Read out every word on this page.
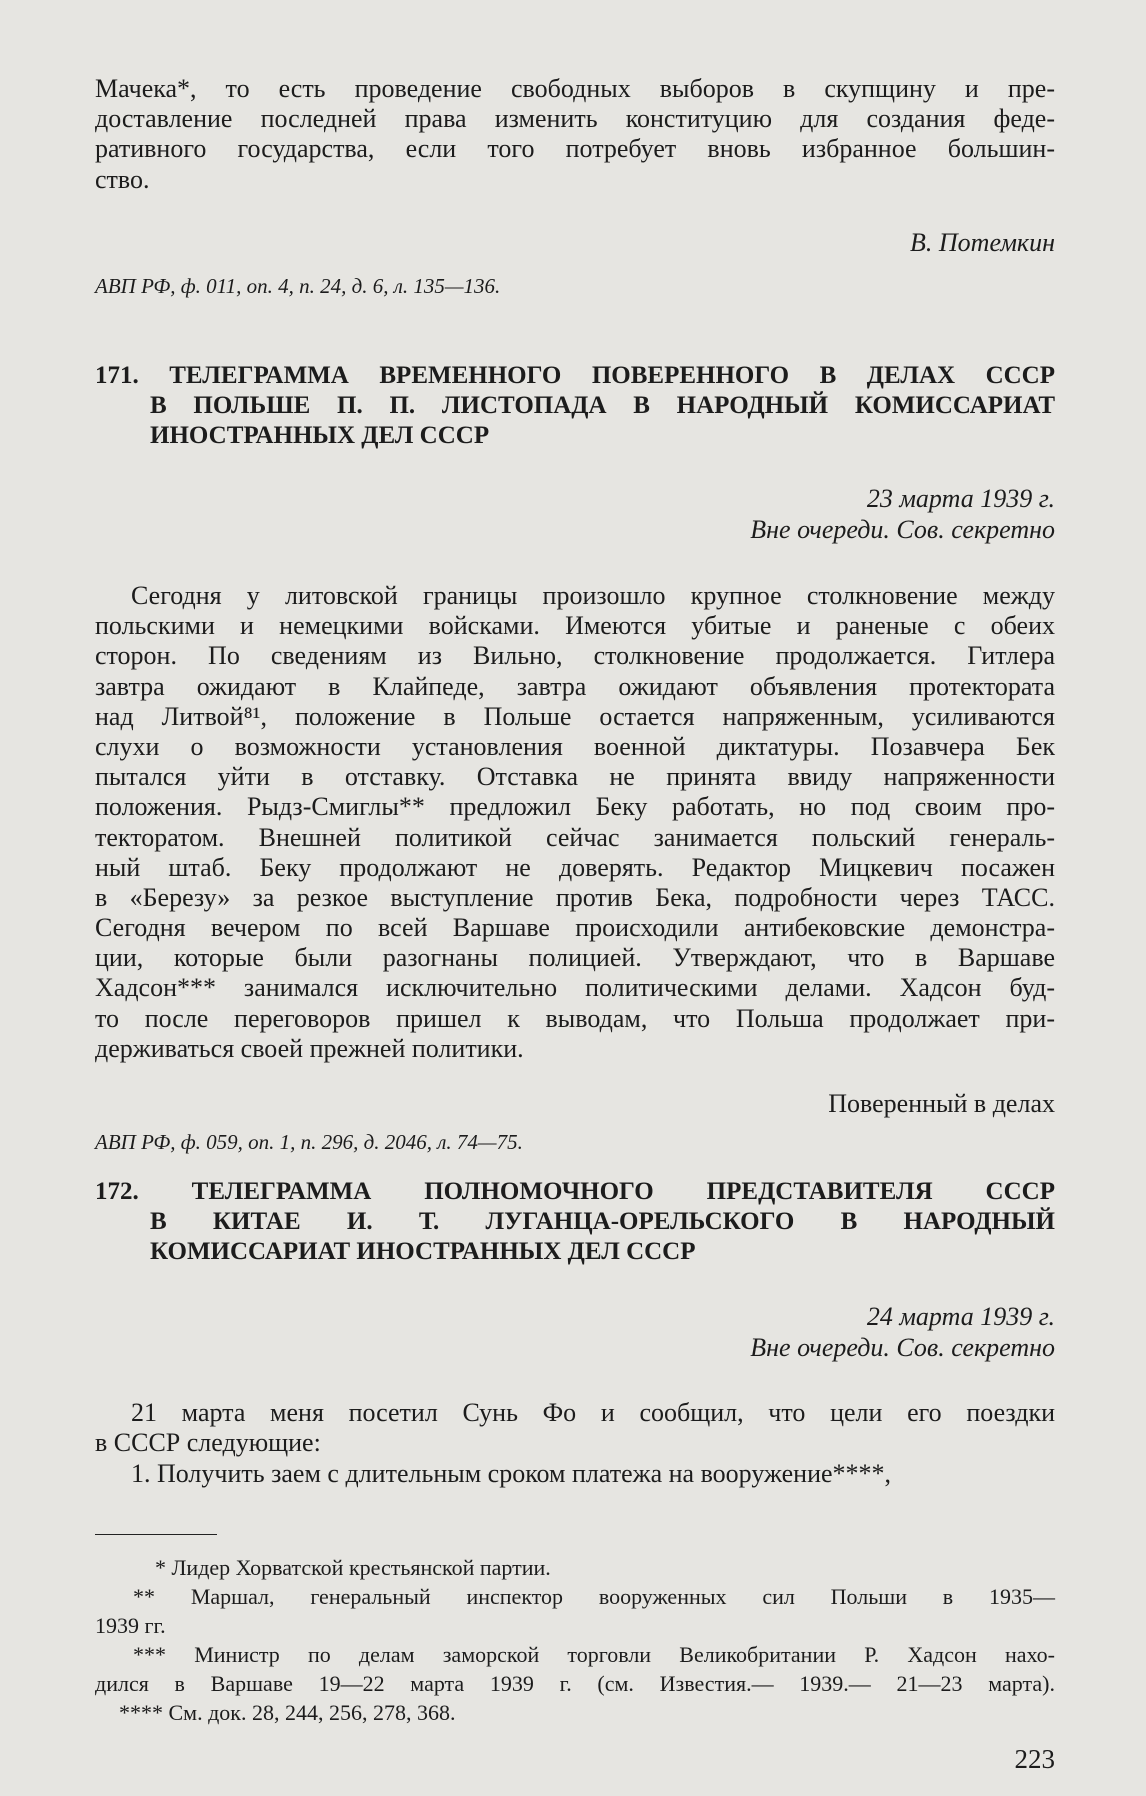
Мачека*, то есть проведение свободных выборов в скупщину и пре-
доставление последней права изменить конституцию для создания феде-
ративного государства, если того потребует вновь избранное большин-
ство.
В. Потемкин
АВП РФ, ф. 011, оп. 4, п. 24, д. 6, л. 135—136.
171. ТЕЛЕГРАММА ВРЕМЕННОГО ПОВЕРЕННОГО В ДЕЛАХ СССР
В ПОЛЬШЕ П. П. ЛИСТОПАДА В НАРОДНЫЙ КОМИССАРИАТ
ИНОСТРАННЫХ ДЕЛ СССР
23 марта 1939 г.
Вне очереди. Сов. секретно
Сегодня у литовской границы произошло крупное столкновение между
польскими и немецкими войсками. Имеются убитые и раненые с обеих
сторон. По сведениям из Вильно, столкновение продолжается. Гитлера
завтра ожидают в Клайпеде, завтра ожидают объявления протектората
над Литвой⁸¹, положение в Польше остается напряженным, усиливаются
слухи о возможности установления военной диктатуры. Позавчера Бек
пытался уйти в отставку. Отставка не принята ввиду напряженности
положения. Рыдз-Смиглы** предложил Беку работать, но под своим про-
текторатом. Внешней политикой сейчас занимается польский генераль-
ный штаб. Беку продолжают не доверять. Редактор Мицкевич посажен
в «Березу» за резкое выступление против Бека, подробности через ТАСС.
Сегодня вечером по всей Варшаве происходили антибековские демонстра-
ции, которые были разогнаны полицией. Утверждают, что в Варшаве
Хадсон*** занимался исключительно политическими делами. Хадсон буд-
то после переговоров пришел к выводам, что Польша продолжает при-
держиваться своей прежней политики.
Поверенный в делах
АВП РФ, ф. 059, оп. 1, п. 296, д. 2046, л. 74—75.
172. ТЕЛЕГРАММА ПОЛНОМОЧНОГО ПРЕДСТАВИТЕЛЯ СССР
В КИТАЕ И. Т. ЛУГАНЦА-ОРЕЛЬСКОГО В НАРОДНЫЙ
КОМИССАРИАТ ИНОСТРАННЫХ ДЕЛ СССР
24 марта 1939 г.
Вне очереди. Сов. секретно
21 марта меня посетил Сунь Фо и сообщил, что цели его поездки
в СССР следующие:
1. Получить заем с длительным сроком платежа на вооружение****,
* Лидер Хорватской крестьянской партии.
** Маршал, генеральный инспектор вооруженных сил Польши в 1935—
1939 гг.
*** Министр по делам заморской торговли Великобритании Р. Хадсон нахо-
дился в Варшаве 19—22 марта 1939 г. (см. Известия.— 1939.— 21—23 марта).
**** См. док. 28, 244, 256, 278, 368.
223
